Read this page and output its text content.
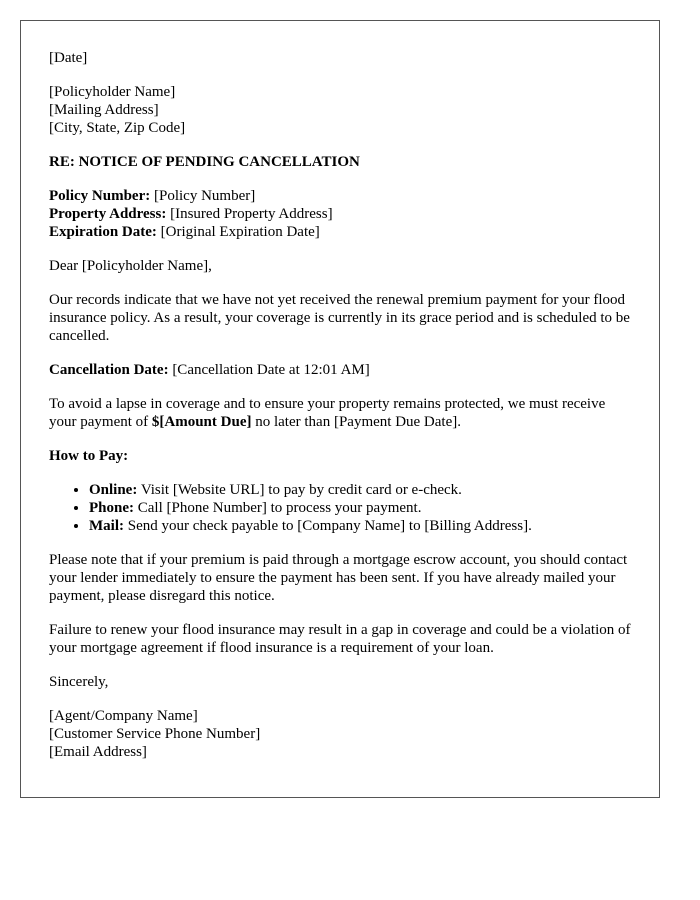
[Date]
[Policyholder Name]
[Mailing Address]
[City, State, Zip Code]
RE: NOTICE OF PENDING CANCELLATION
Policy Number: [Policy Number]
Property Address: [Insured Property Address]
Expiration Date: [Original Expiration Date]

Dear [Policyholder Name],

Our records indicate that we have not yet received the renewal premium payment for your flood insurance policy. As a result, your coverage is currently in its grace period and is scheduled to be cancelled.

Cancellation Date: [Cancellation Date at 12:01 AM]

To avoid a lapse in coverage and to ensure your property remains protected, we must receive your payment of $[Amount Due] no later than [Payment Due Date].

How to Pay:

• Online: Visit [Website URL] to pay by credit card or e-check.
• Phone: Call [Phone Number] to process your payment.
• Mail: Send your check payable to [Company Name] to [Billing Address].

Please note that if your premium is paid through a mortgage escrow account, you should contact your lender immediately to ensure the payment has been sent. If you have already mailed your payment, please disregard this notice.

Failure to renew your flood insurance may result in a gap in coverage and could be a violation of your mortgage agreement if flood insurance is a requirement of your loan.

Sincerely,

[Agent/Company Name]
[Customer Service Phone Number]
[Email Address]
